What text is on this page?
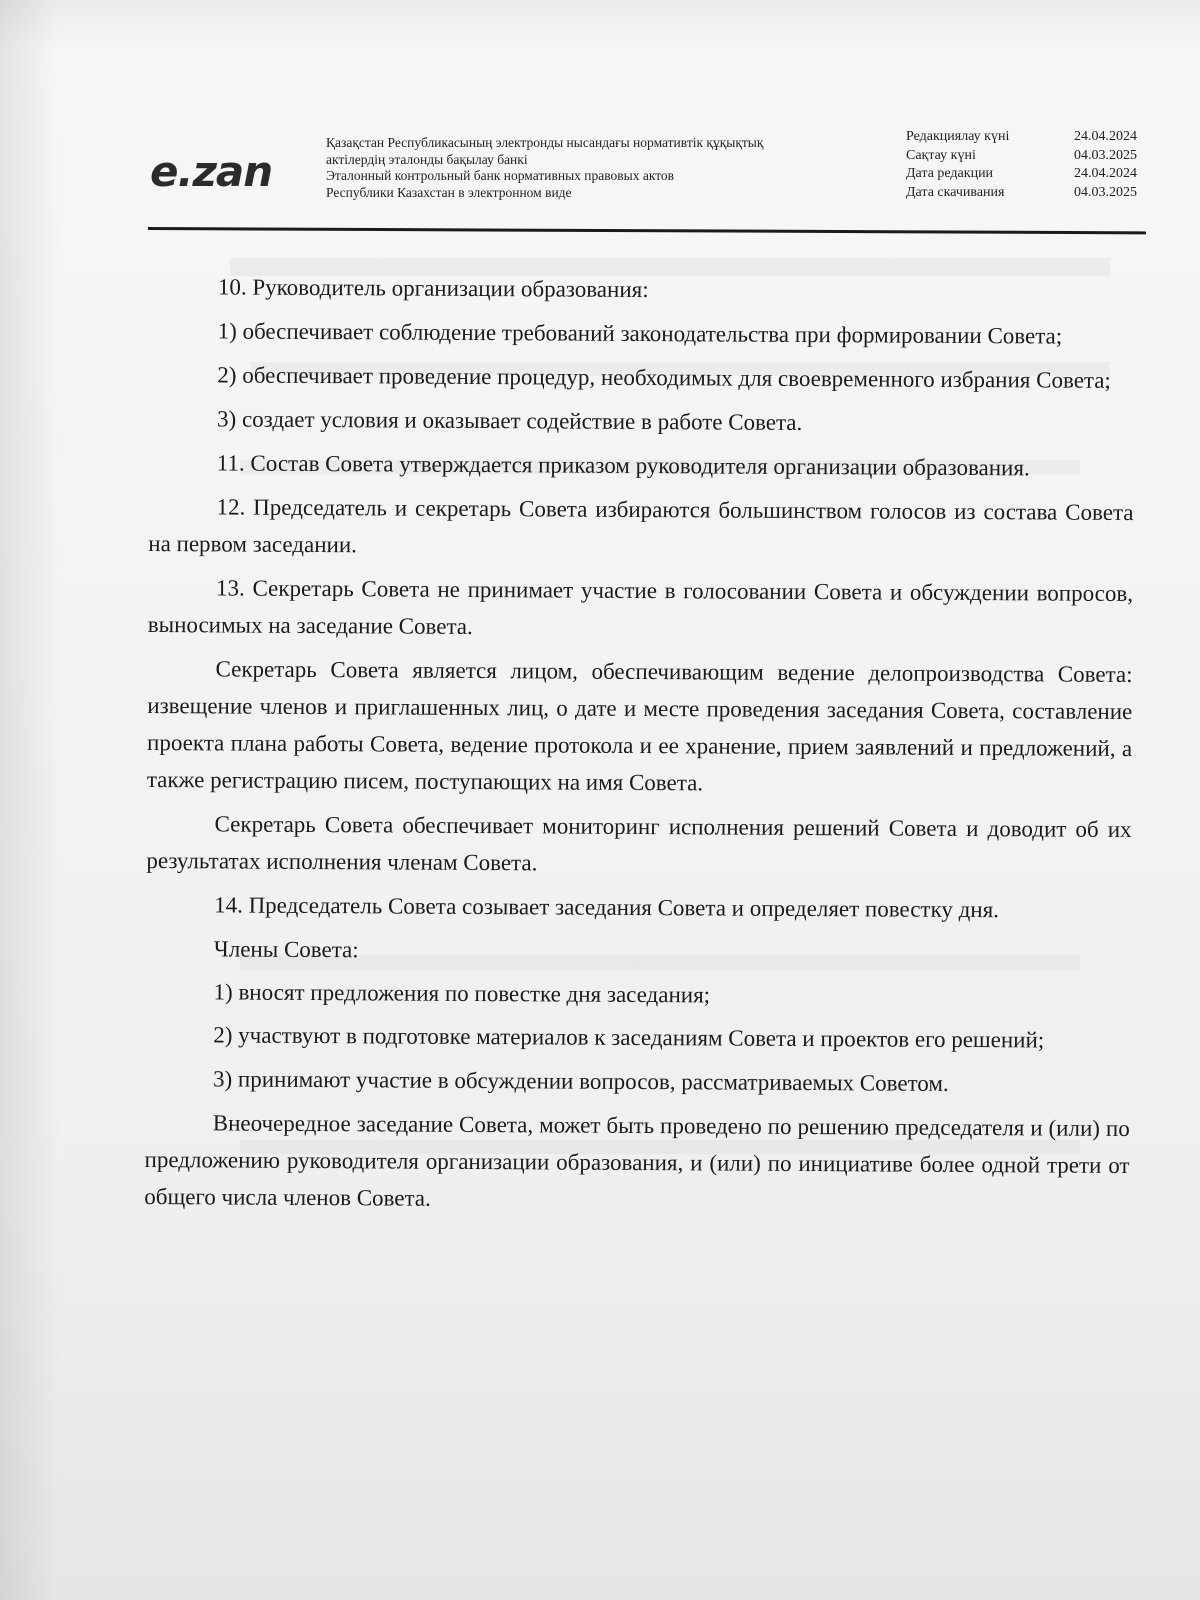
e.zan
Қазақстан Республикасының электронды нысандағы нормативтік құқықтық
актілердің эталонды бақылау банкі
Эталонный контрольный банк нормативных правовых актов
Республики Казахстан в электронном виде
Редакциялау күні	24.04.2024
Сақтау күні	04.03.2025
Дата редакции	24.04.2024
Дата скачивания	04.03.2025

10. Руководитель организации образования:

1) обеспечивает соблюдение требований законодательства при формировании Совета;

2) обеспечивает проведение процедур, необходимых для своевременного избрания Совета;

3) создает условия и оказывает содействие в работе Совета.

11. Состав Совета утверждается приказом руководителя организации образования.

12. Председатель и секретарь Совета избираются большинством голосов из состава Совета на первом заседании.

13. Секретарь Совета не принимает участие в голосовании Совета и обсуждении вопросов, выносимых на заседание Совета.

Секретарь Совета является лицом, обеспечивающим ведение делопроизводства Совета: извещение членов и приглашенных лиц, о дате и месте проведения заседания Совета, составление проекта плана работы Совета, ведение протокола и ее хранение, прием заявлений и предложений, а также регистрацию писем, поступающих на имя Совета.

Секретарь Совета обеспечивает мониторинг исполнения решений Совета и доводит об их результатах исполнения членам Совета.

14. Председатель Совета созывает заседания Совета и определяет повестку дня.

Члены Совета:

1) вносят предложения по повестке дня заседания;

2) участвуют в подготовке материалов к заседаниям Совета и проектов его решений;

3) принимают участие в обсуждении вопросов, рассматриваемых Советом.

Внеочередное заседание Совета, может быть проведено по решению председателя и (или) по предложению руководителя организации образования, и (или) по инициативе более одной трети от общего числа членов Совета.
